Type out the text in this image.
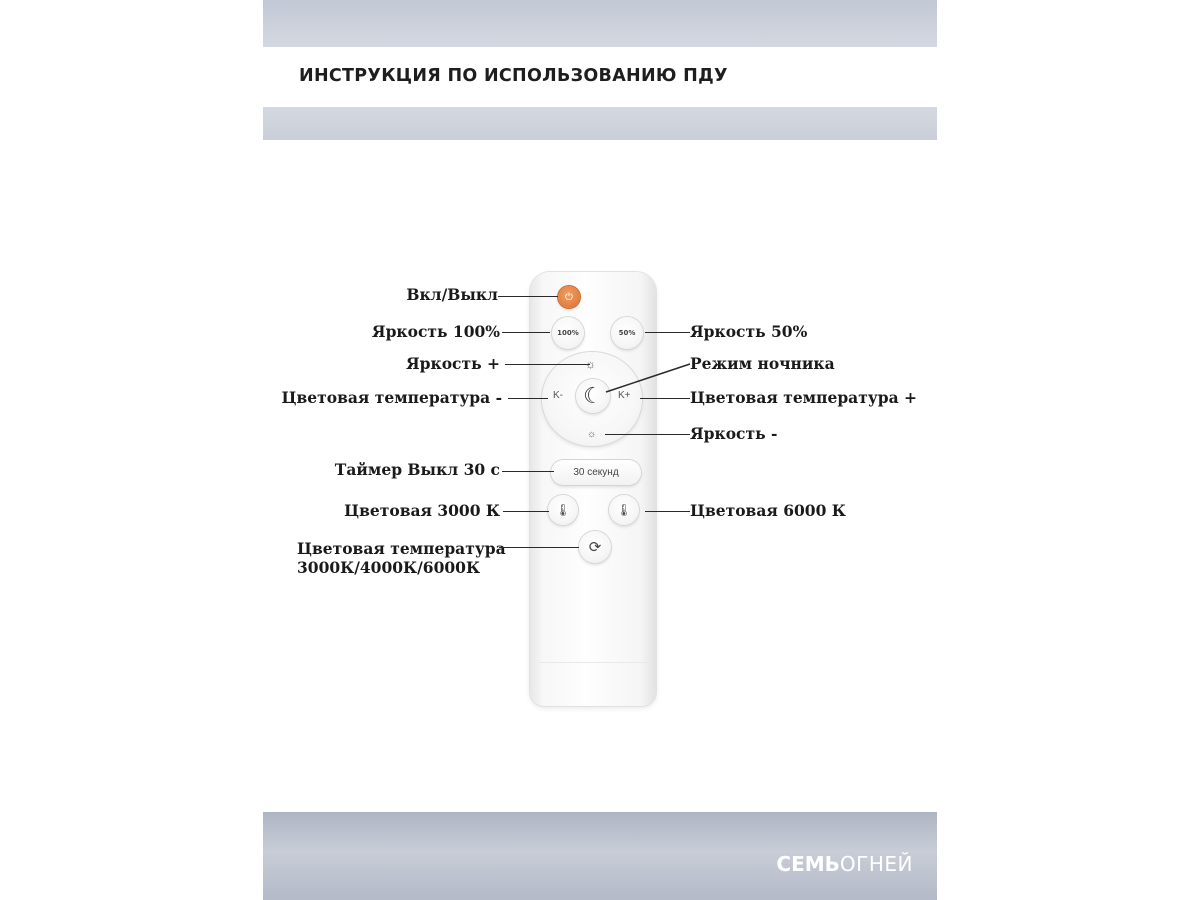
ИНСТРУКЦИЯ ПО ИСПОЛЬЗОВАНИЮ ПДУ
СЕМЬОГНЕЙ
⏻
100%	50%
☼
K-	K+
☼
☾
30 секунд
🌡	🌡
⟳
Вкл/Выкл
Яркость 100%
Яркость +
Цветовая температура -
Таймер Выкл 30 с
Цветовая 3000 К
Цветовая температура
3000К/4000К/6000К
Яркость 50%
Режим ночника
Цветовая температура +
Яркость -
Цветовая 6000 К
